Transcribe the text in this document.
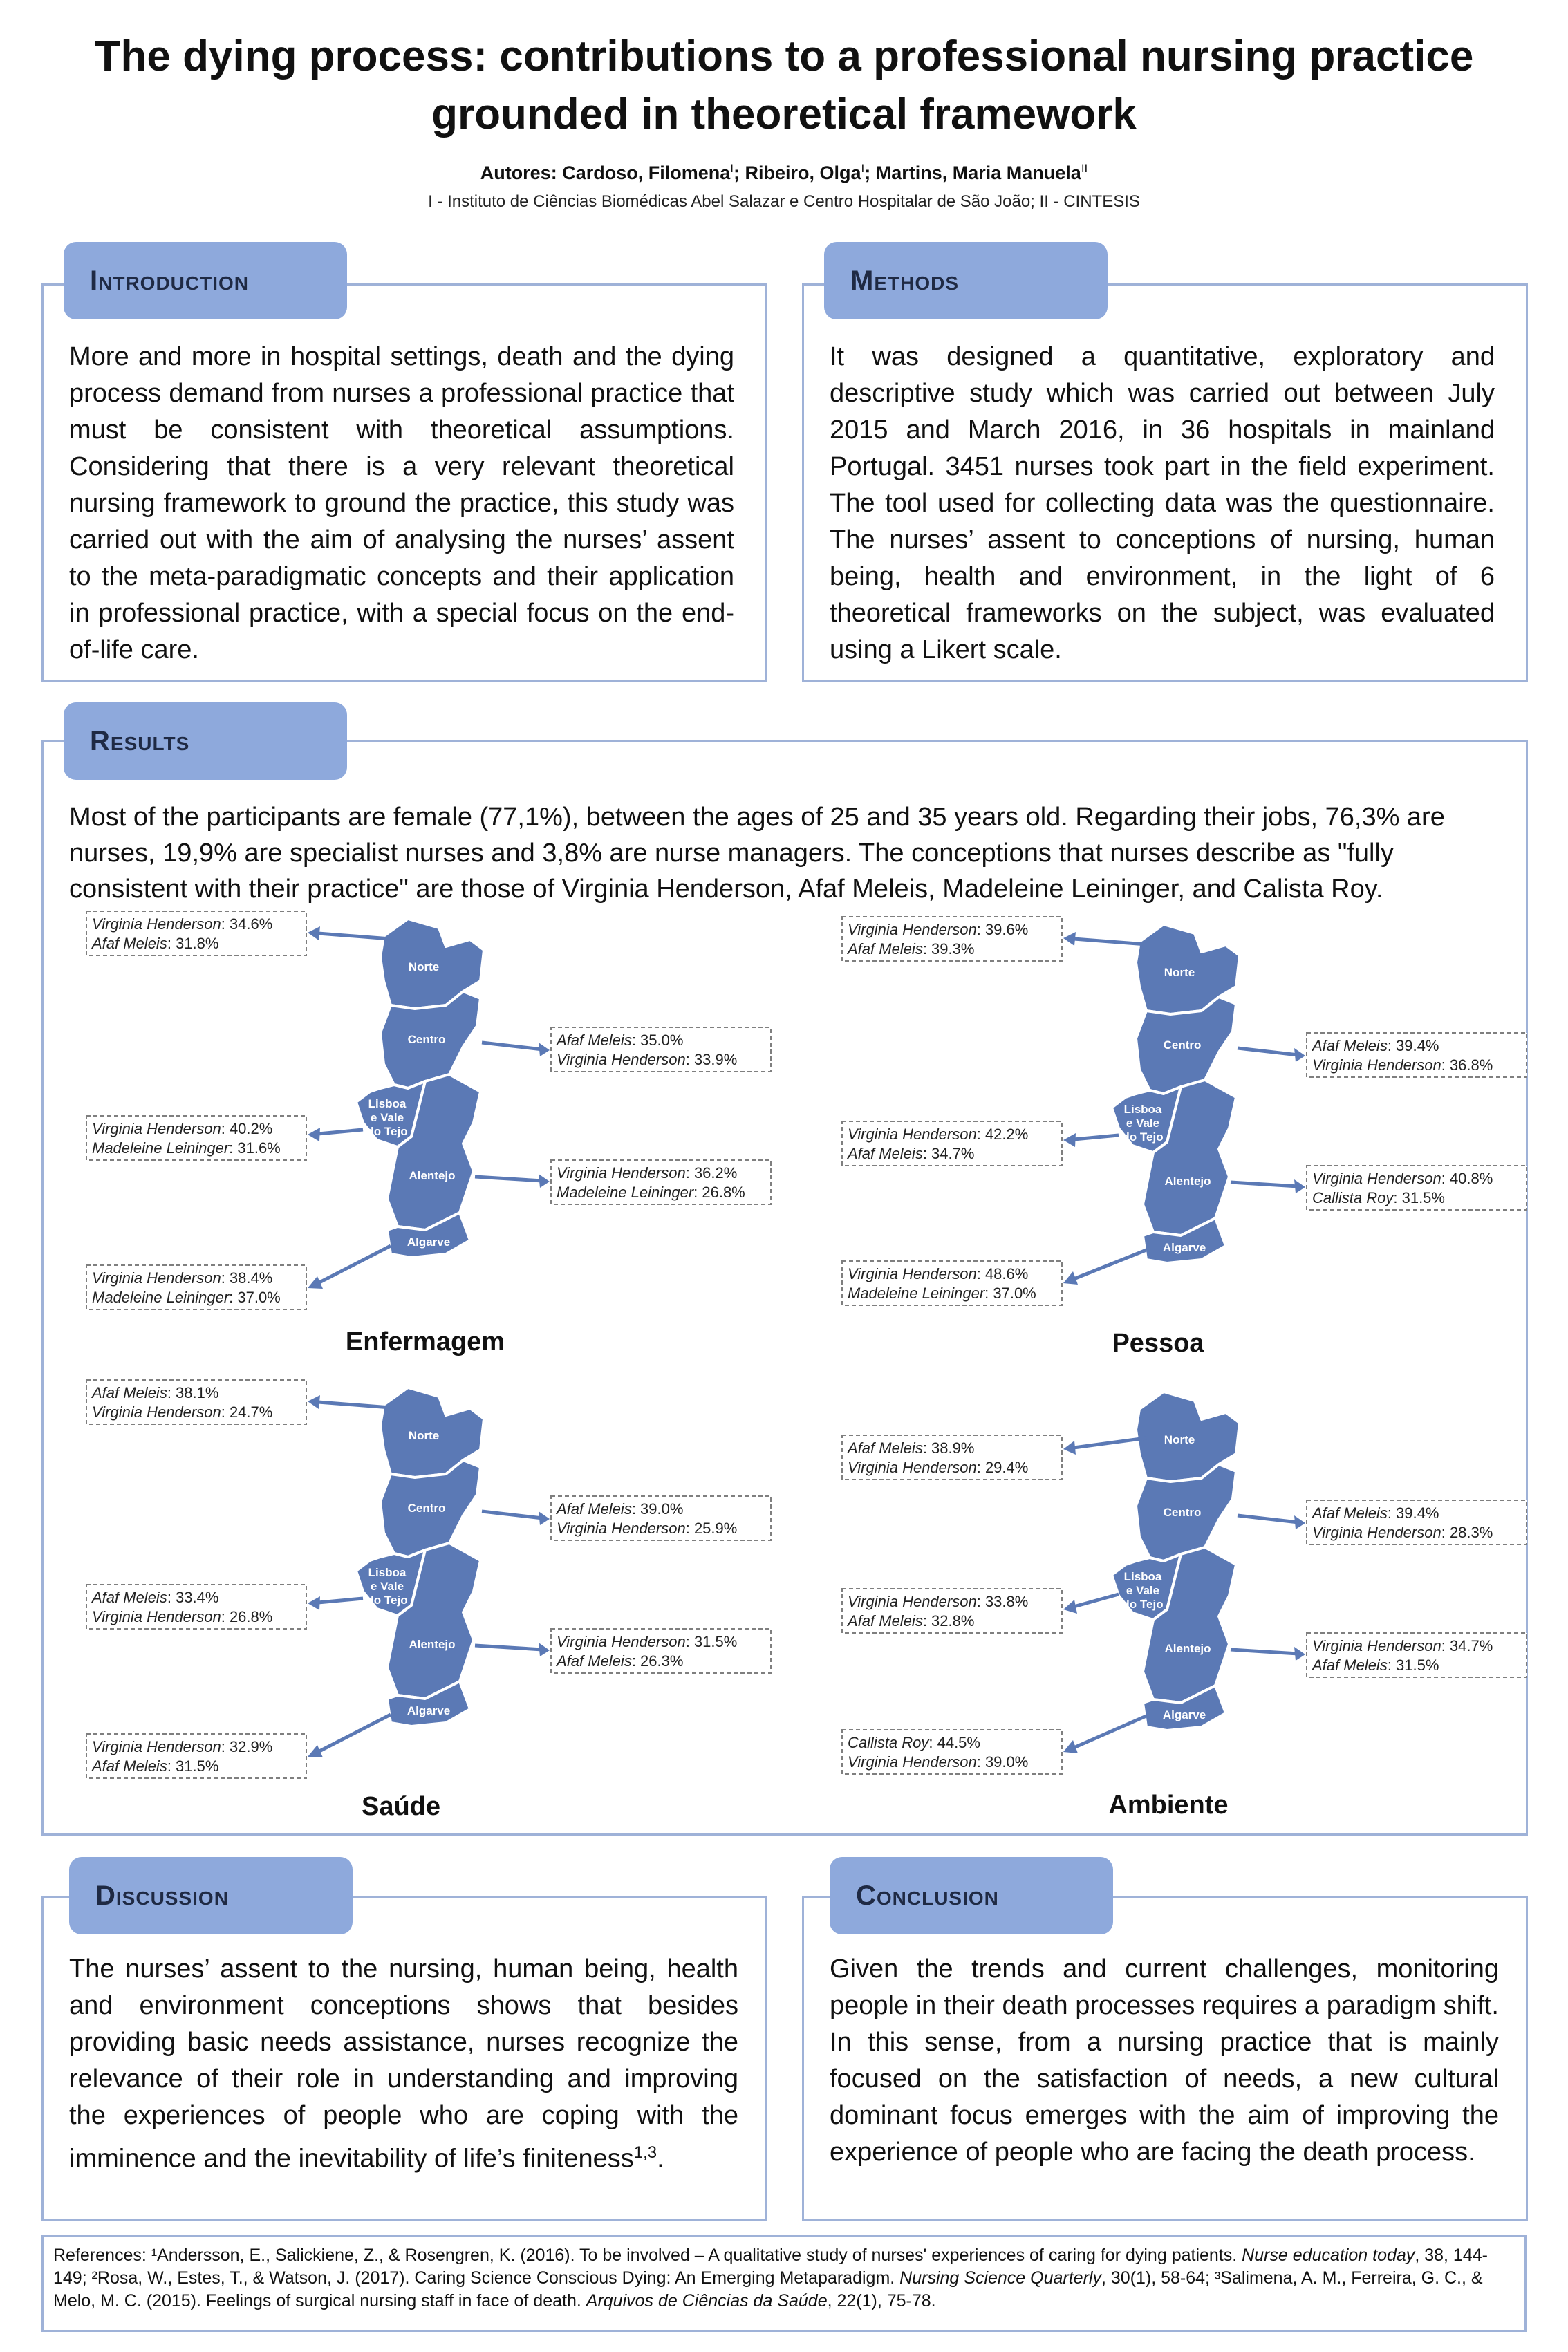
The dying process: contributions to a professional nursing practice
grounded in theoretical framework
Autores: Cardoso, Filomena$^I$; Ribeiro, Olga$^I$; Martins, Maria Manuela$^{II}$
I - Instituto de Ciências Biomédicas Abel Salazar e Centro Hospitalar de São João; II - CINTESIS
Introduction
More and more in hospital settings, death and the dying process demand from nurses a professional practice that must be consistent with theoretical assumptions. Considering that there is a very relevant theoretical nursing framework to ground the practice, this study was carried out with the aim of analysing the nurses’ assent to the meta-paradigmatic concepts and their application in professional practice, with a special focus on the end-of-life care.
Methods
It was designed a quantitative, exploratory and descriptive study which was carried out between July 2015 and March 2016, in 36 hospitals in mainland Portugal. 3451 nurses took part in the field experiment. The tool used for collecting data was the questionnaire. The nurses’ assent to conceptions of nursing, human being, health and environment, in the light of 6 theoretical frameworks on the subject, was evaluated using a Likert scale.
Results
Most of the participants are female (77,1%), between the ages of 25 and 35 years old. Regarding their jobs, 76,3% are nurses, 19,9% are specialist nurses and 3,8% are nurse managers. The conceptions that nurses describe as "fully consistent with their practice" are those of Virginia Henderson, Afaf Meleis, Madeleine Leininger, and Calista Roy.
Norte
Centro
Lisboa
e Vale
do Tejo
Alentejo
Algarve
Virginia Henderson: 34.6%
Afaf Meleis: 31.8%
Afaf Meleis: 35.0%
Virginia Henderson: 33.9%
Virginia Henderson: 40.2%
Madeleine Leininger: 31.6%
Virginia Henderson: 36.2%
Madeleine Leininger: 26.8%
Virginia Henderson: 38.4%
Madeleine Leininger: 37.0%
Enfermagem
Norte
Centro
Lisboa
e Vale
do Tejo
Alentejo
Algarve
Virginia Henderson: 39.6%
Afaf Meleis: 39.3%
Afaf Meleis: 39.4%
Virginia Henderson: 36.8%
Virginia Henderson: 42.2%
Afaf Meleis: 34.7%
Virginia Henderson: 40.8%
Callista Roy: 31.5%
Virginia Henderson: 48.6%
Madeleine Leininger: 37.0%
Pessoa
Norte
Centro
Lisboa
e Vale
do Tejo
Alentejo
Algarve
Afaf Meleis: 38.1%
Virginia Henderson: 24.7%
Afaf Meleis: 39.0%
Virginia Henderson: 25.9%
Afaf Meleis: 33.4%
Virginia Henderson: 26.8%
Virginia Henderson: 31.5%
Afaf Meleis: 26.3%
Virginia Henderson: 32.9%
Afaf Meleis: 31.5%
Saúde
Norte
Centro
Lisboa
e Vale
do Tejo
Alentejo
Algarve
Afaf Meleis: 38.9%
Virginia Henderson: 29.4%
Afaf Meleis: 39.4%
Virginia Henderson: 28.3%
Virginia Henderson: 33.8%
Afaf Meleis: 32.8%
Virginia Henderson: 34.7%
Afaf Meleis: 31.5%
Callista Roy: 44.5%
Virginia Henderson: 39.0%
Ambiente
Discussion
The nurses’ assent to the nursing, human being, health and environment conceptions shows that besides providing basic needs assistance, nurses recognize the relevance of their role in understanding and improving the experiences of people who are coping with the imminence and the inevitability of life’s finiteness$^{1,3}$.
Conclusion
Given the trends and current challenges, monitoring people in their death processes requires a paradigm shift. In this sense, from a nursing practice that is mainly focused on the satisfaction of needs, a new cultural dominant focus emerges with the aim of improving the experience of people who are facing the death process.
References: ¹Andersson, E., Salickiene, Z., & Rosengren, K. (2016). To be involved – A qualitative study of nurses' experiences of caring for dying patients. Nurse education today, 38, 144-149; ²Rosa, W., Estes, T., & Watson, J. (2017). Caring Science Conscious Dying: An Emerging Metaparadigm. Nursing Science Quarterly, 30(1), 58-64; ³Salimena, A. M., Ferreira, G. C., & Melo, M. C. (2015). Feelings of surgical nursing staff in face of death. Arquivos de Ciências da Saúde, 22(1), 75-78.
